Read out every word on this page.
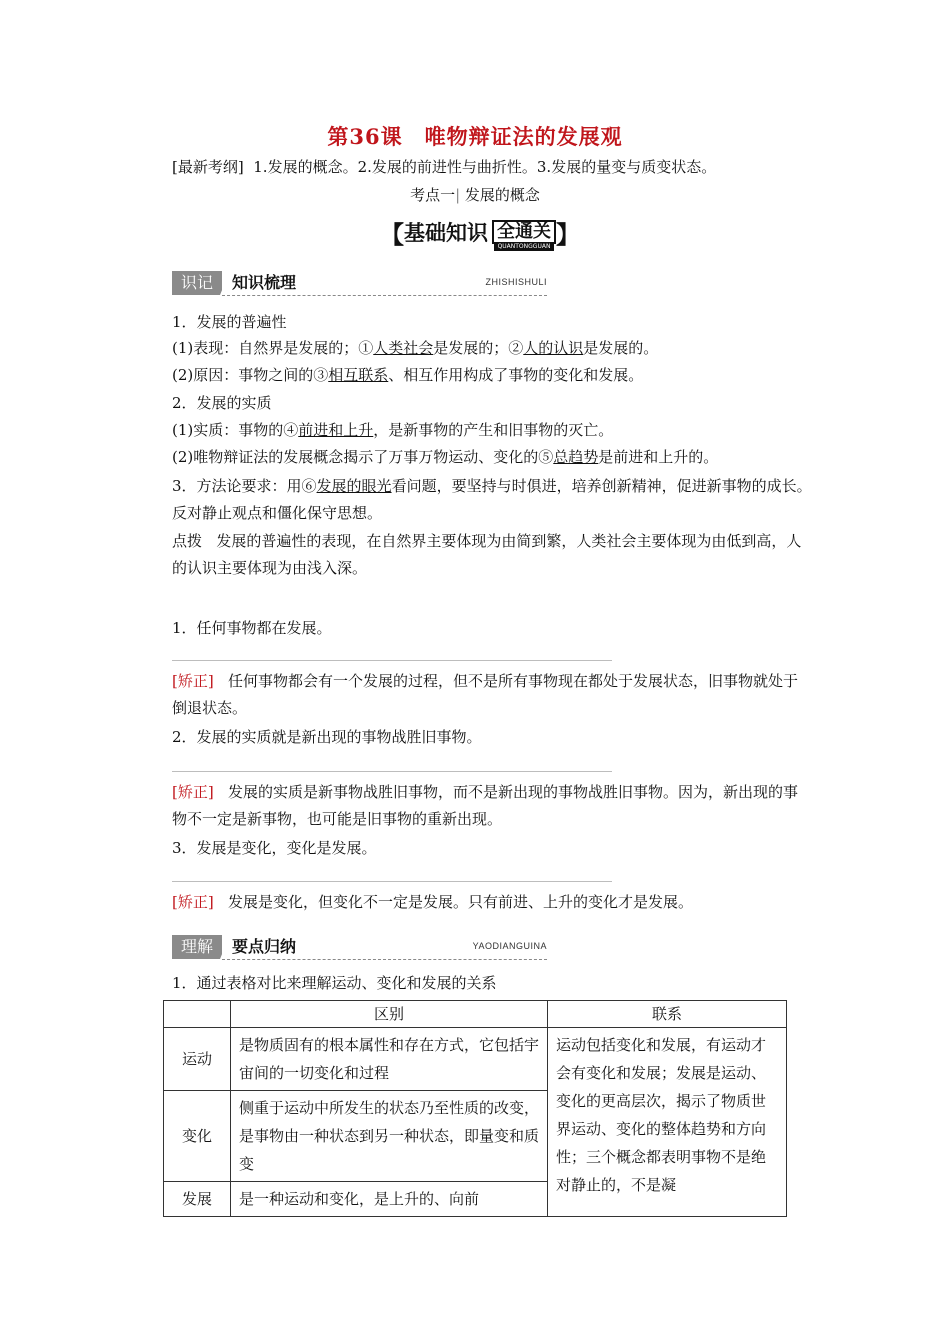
第36课 唯物辩证法的发展观
[最新考纲] 1.发展的概念。2.发展的前进性与曲折性。3.发展的量变与质变状态。
考点一| 发展的概念
【 基础知识 全通关
QUANTONGGUAN 】
识记	知识梳理	ZHISHISHULI
1．发展的普遍性
(1)表现：自然界是发展的；①人类社会是发展的；②人的认识是发展的。
(2)原因：事物之间的③相互联系、相互作用构成了事物的变化和发展。
2．发展的实质
(1)实质：事物的④前进和上升，是新事物的产生和旧事物的灭亡。
(2)唯物辩证法的发展概念揭示了万事万物运动、变化的⑤总趋势是前进和上升的。
3．方法论要求：用⑥发展的眼光看问题，要坚持与时俱进，培养创新精神，促进新事物的成长。反对静止观点和僵化保守思想。
点拨 发展的普遍性的表现，在自然界主要体现为由简到繁，人类社会主要体现为由低到高，人的认识主要体现为由浅入深。
1．任何事物都在发展。
[矫正] 任何事物都会有一个发展的过程，但不是所有事物现在都处于发展状态，旧事物就处于倒退状态。
2．发展的实质就是新出现的事物战胜旧事物。
[矫正] 发展的实质是新事物战胜旧事物，而不是新出现的事物战胜旧事物。因为，新出现的事物不一定是新事物，也可能是旧事物的重新出现。
3．发展是变化，变化是发展。
[矫正] 发展是变化，但变化不一定是发展。只有前进、上升的变化才是发展。
理解	要点归纳	YAODIANGUINA
1．通过表格对比来理解运动、变化和发展的关系
	区别	联系
运动	是物质固有的根本属性和存在方式，它包括宇宙间的一切变化和过程	运动包括变化和发展，有运动才会有变化和发展；发展是运动、变化的更高层次，揭示了物质世界运动、变化的整体趋势和方向性；三个概念都表明事物不是绝对静止的，不是凝
变化	侧重于运动中所发生的状态乃至性质的改变，是事物由一种状态到另一种状态，即量变和质变	
发展	是一种运动和变化，是上升的、向前	
